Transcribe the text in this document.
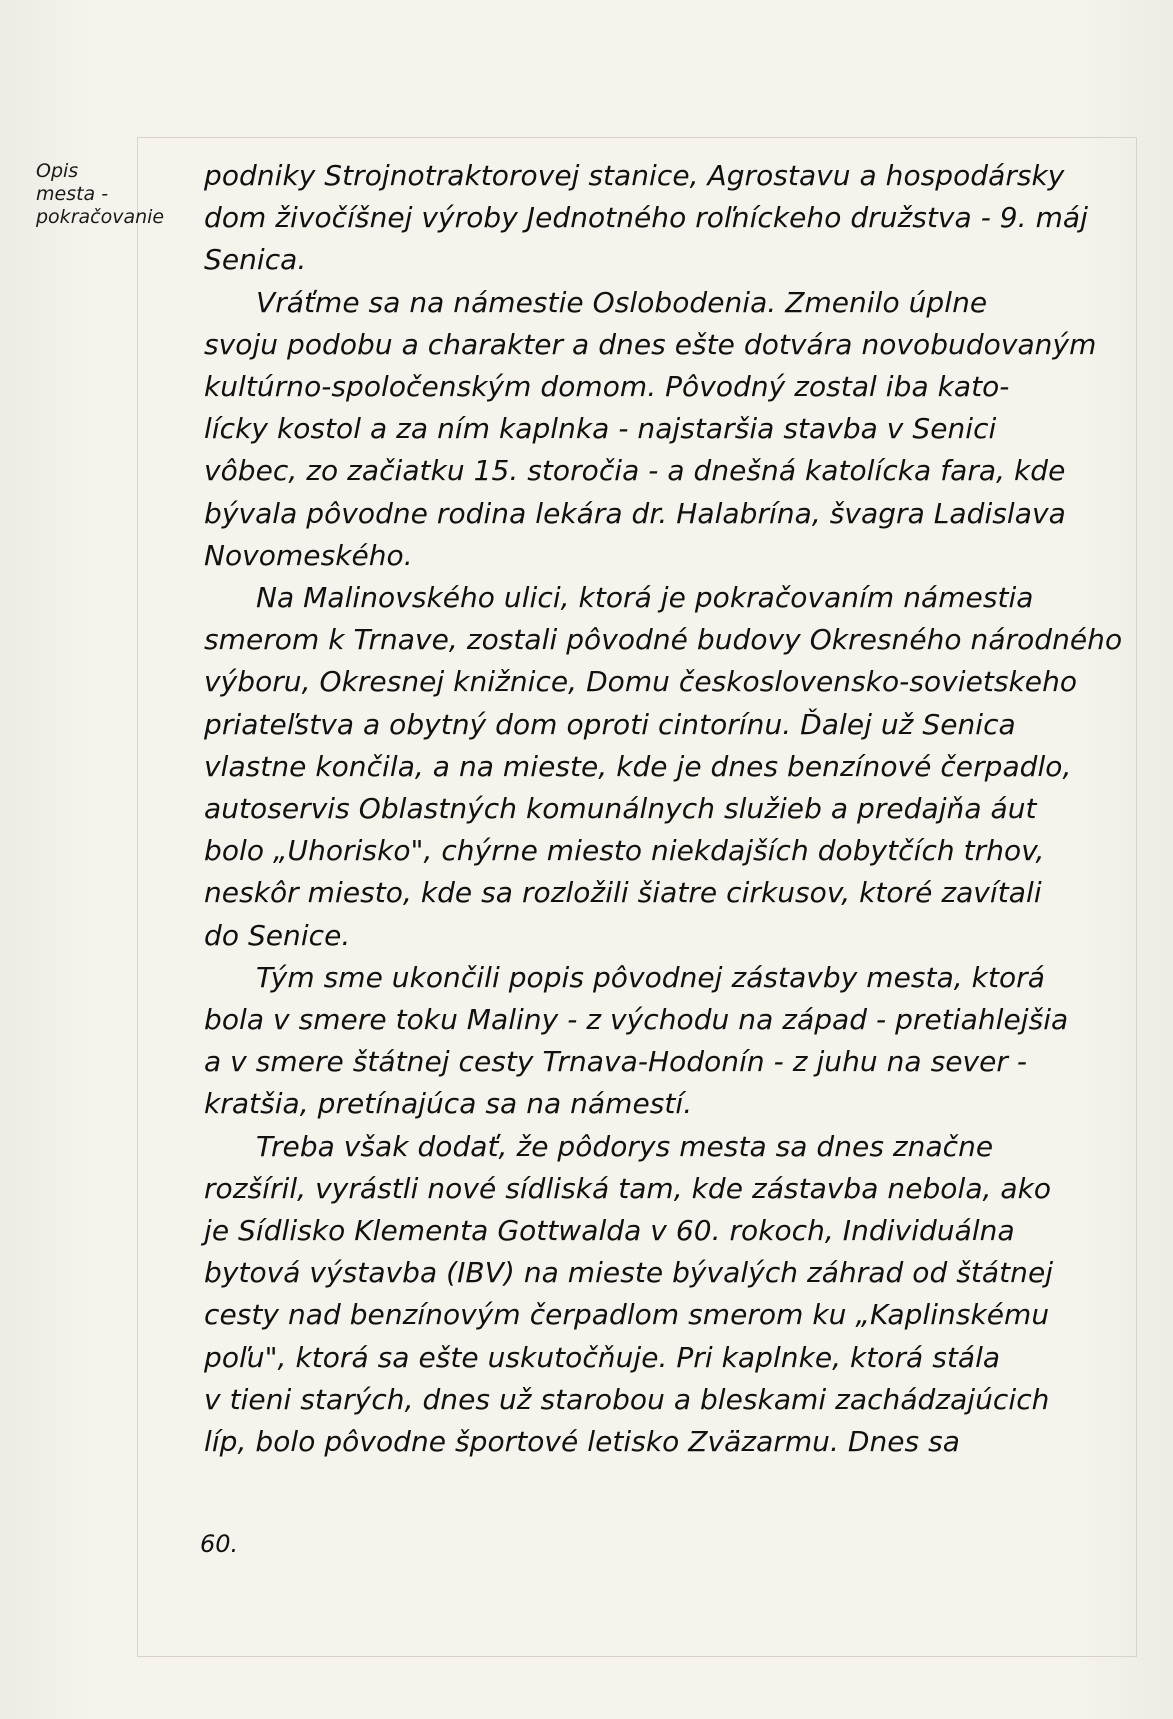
Opis
mesta -
pokračovanie
podniky Strojnotraktorovej stanice, Agrostavu a hospodársky
dom živočíšnej výroby Jednotného roľníckeho družstva - 9. máj
Senica.
Vráťme sa na námestie Oslobodenia. Zmenilo úplne
svoju podobu a charakter a dnes ešte dotvára novobudovaným
kultúrno-spoločenským domom. Pôvodný zostal iba kato-
lícky kostol a za ním kaplnka - najstaršia stavba v Senici
vôbec, zo začiatku 15. storočia - a dnešná katolícka fara, kde
bývala pôvodne rodina lekára dr. Halabrína, švagra Ladislava
Novomeského.
Na Malinovského ulici, ktorá je pokračovaním námestia
smerom k Trnave, zostali pôvodné budovy Okresného národného
výboru, Okresnej knižnice, Domu československo-sovietskeho
priateľstva a obytný dom oproti cintorínu. Ďalej už Senica
vlastne končila, a na mieste, kde je dnes benzínové čerpadlo,
autoservis Oblastných komunálnych služieb a predajňa áut
bolo „Uhorisko", chýrne miesto niekdajších dobytčích trhov,
neskôr miesto, kde sa rozložili šiatre cirkusov, ktoré zavítali
do Senice.
Tým sme ukončili popis pôvodnej zástavby mesta, ktorá
bola v smere toku Maliny - z východu na západ - pretiahlejšia
a v smere štátnej cesty Trnava-Hodonín - z juhu na sever -
kratšia, pretínajúca sa na námestí.
Treba však dodať, že pôdorys mesta sa dnes značne
rozšíril, vyrástli nové sídliská tam, kde zástavba nebola, ako
je Sídlisko Klementa Gottwalda v 60. rokoch, Individuálna
bytová výstavba (IBV) na mieste bývalých záhrad od štátnej
cesty nad benzínovým čerpadlom smerom ku „Kaplinskému
poľu", ktorá sa ešte uskutočňuje. Pri kaplnke, ktorá stála
v tieni starých, dnes už starobou a bleskami zachádzajúcich
líp, bolo pôvodne športové letisko Zväzarmu. Dnes sa
60.
